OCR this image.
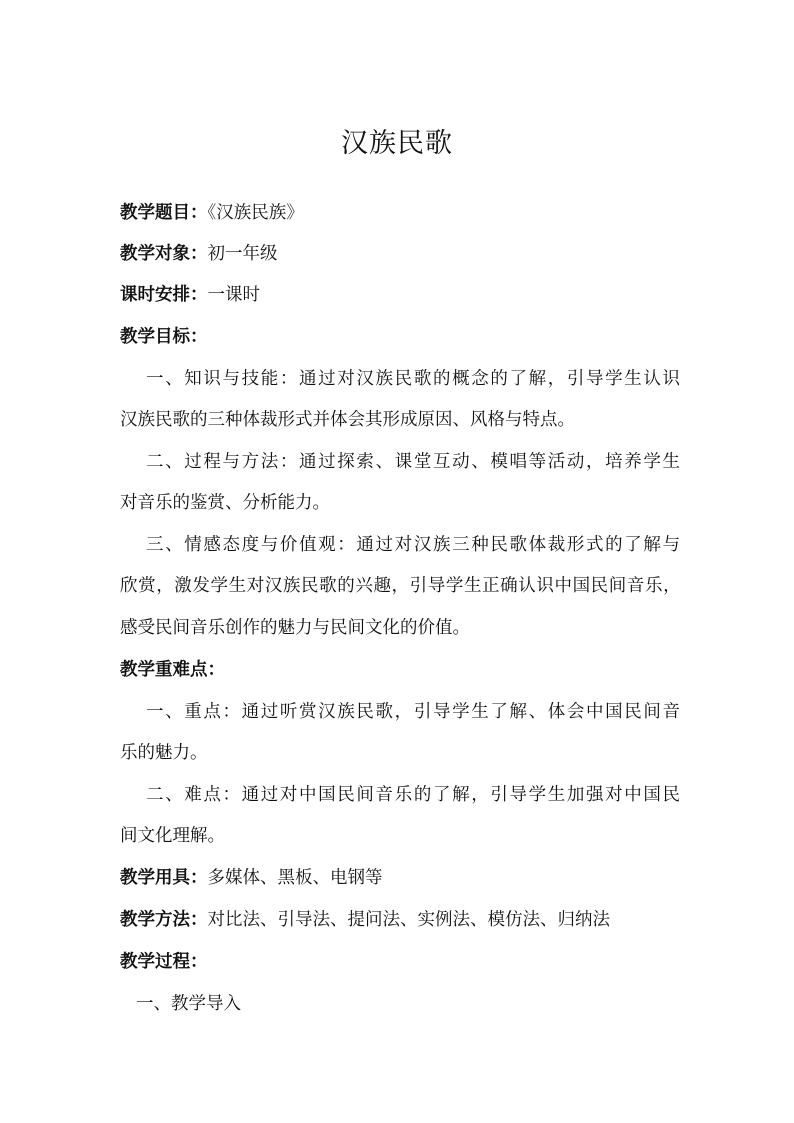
汉族民歌

教学题目：《汉族民族》

教学对象：初一年级

课时安排：一课时

教学目标：

一、知识与技能：通过对汉族民歌的概念的了解，引导学生认识

汉族民歌的三种体裁形式并体会其形成原因、风格与特点。

二、过程与方法：通过探索、课堂互动、模唱等活动，培养学生

对音乐的鉴赏、分析能力。

三、情感态度与价值观：通过对汉族三种民歌体裁形式的了解与

欣赏，激发学生对汉族民歌的兴趣，引导学生正确认识中国民间音乐，

感受民间音乐创作的魅力与民间文化的价值。

教学重难点：

一、重点：通过听赏汉族民歌，引导学生了解、体会中国民间音

乐的魅力。

二、难点：通过对中国民间音乐的了解，引导学生加强对中国民

间文化理解。

教学用具：多媒体、黑板、电钢等

教学方法：对比法、引导法、提问法、实例法、模仿法、归纳法

教学过程：

一、教学导入
